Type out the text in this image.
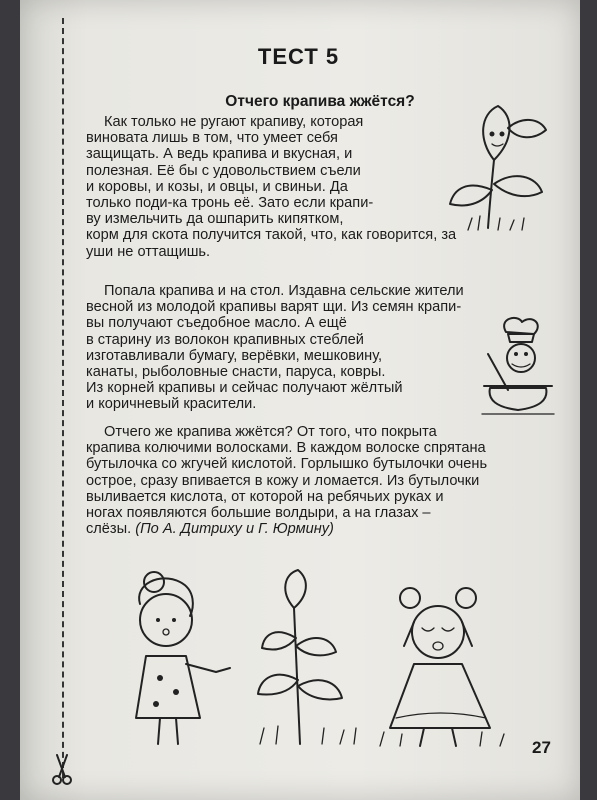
ТЕСТ 5
Отчего крапива жжётся?

Как только не ругают крапиву, которая

виновата лишь в том, что умеет себя

защищать. А ведь крапива и вкусная, и

полезная. Её бы с удовольствием съели

и коровы, и козы, и овцы, и свиньи. Да

только поди-ка тронь её. Зато если крапи-

ву измельчить да ошпарить кипятком,

корм для скота получится такой, что, как говорится, за

уши не оттащишь.

Попала крапива и на стол. Издавна сельские жители

весной из молодой крапивы варят щи. Из семян крапи-

вы получают съедобное масло. А ещё

в старину из волокон крапивных стеблей

изготавливали бумагу, верёвки, мешковину,

канаты, рыболовные снасти, паруса, ковры.

Из корней крапивы и сейчас получают жёлтый

и коричневый красители.

Отчего же крапива жжётся? От того, что покрыта

крапива колючими волосками. В каждом волоске спрятана

бутылочка со жгучей кислотой. Горлышко бутылочки очень

острое, сразу впивается в кожу и ломается. Из бутылочки

выливается кислота, от которой на ребячьих руках и

ногах появляются большие волдыри, а на глазах –

слёзы. (По А. Дитриху и Г. Юрмину)

27
